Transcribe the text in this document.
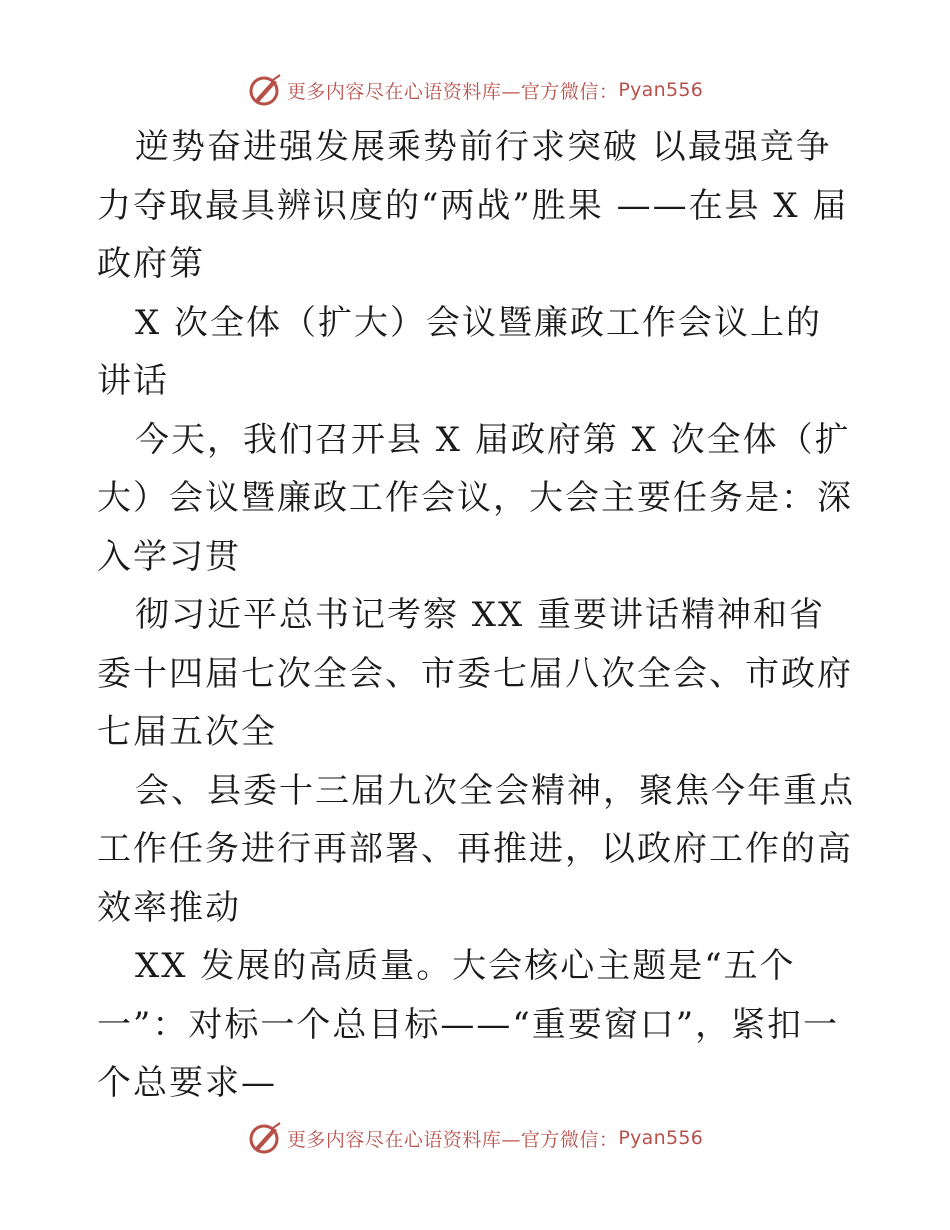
更多内容尽在心语资料库— 官方微信： Pyan556

逆势奋进强发展乘势前行求突破 以最强竞争力夺取最具辨识度的“两战”胜果 ——在县 X 届政府第

X 次全体（扩大）会议暨廉政工作会议上的讲话

今天，我们召开县 X 届政府第 X 次全体（扩大）会议暨廉政工作会议，大会主要任务是：深入学习贯

彻习近平总书记考察 XX 重要讲话精神和省委十四届七次全会、市委七届八次全会、市政府七届五次全

会、县委十三届九次全会精神，聚焦今年重点工作任务进行再部署、再推进，以政府工作的高效率推动

XX 发展的高质量。大会核心主题是“五个一”：对标一个总目标——“重要窗口”，紧扣一个总要求—

更多内容尽在心语资料库— 官方微信： Pyan556
